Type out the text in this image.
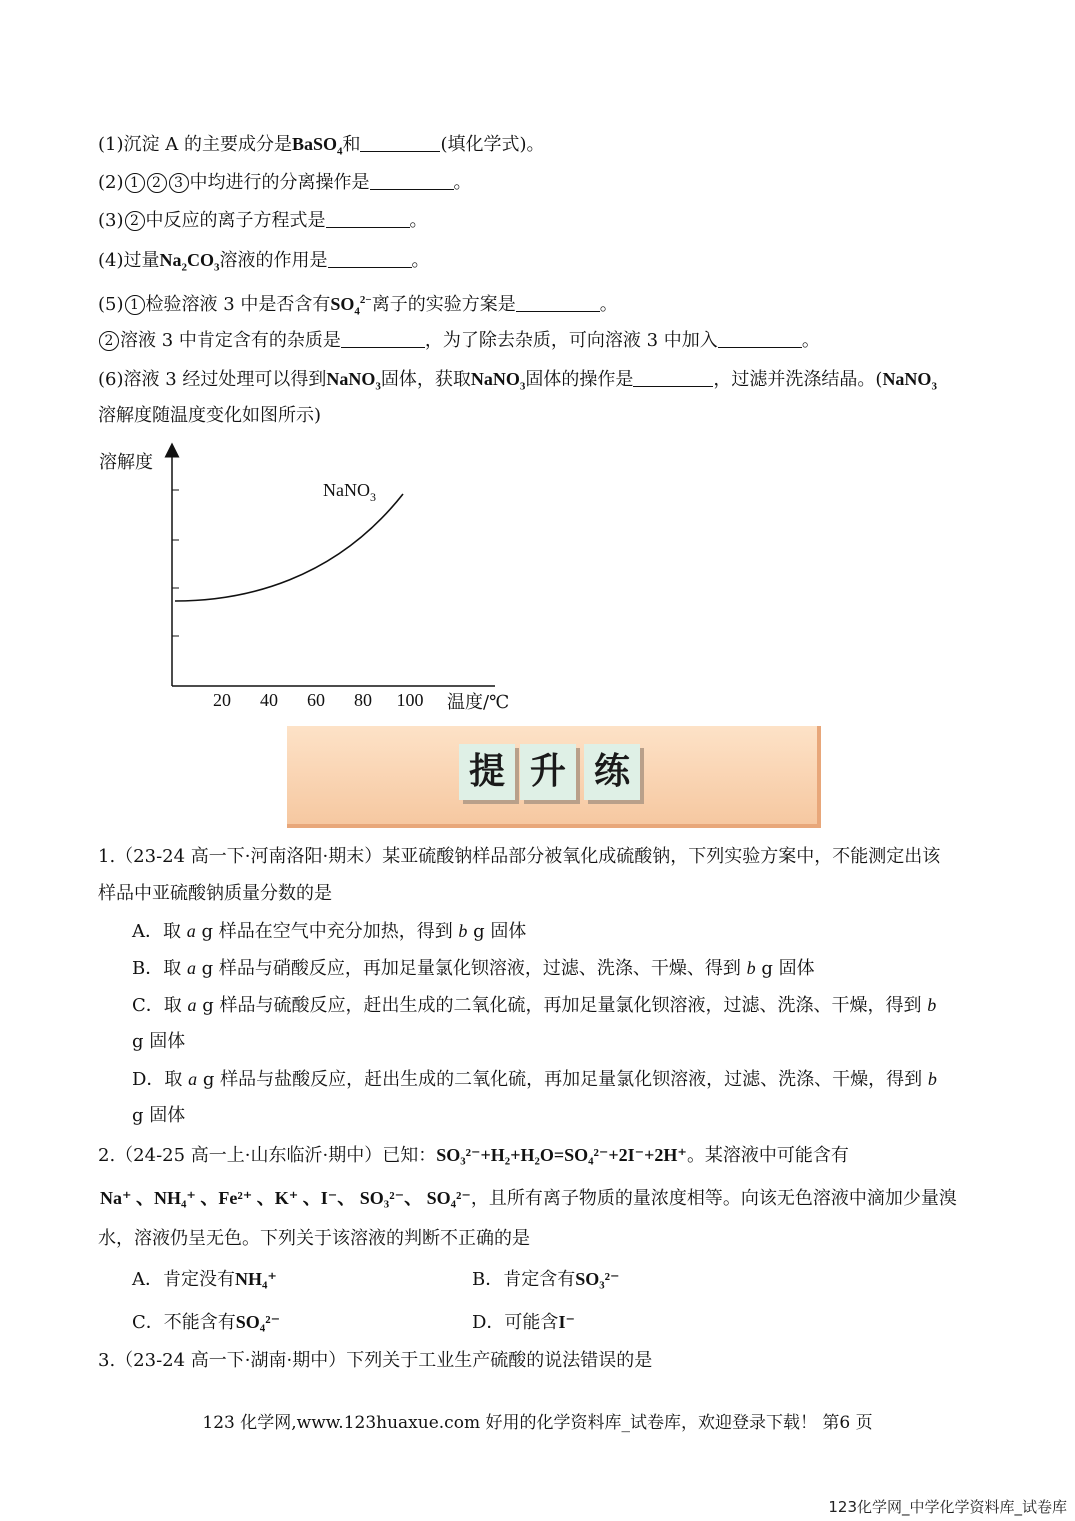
(1)沉淀 A 的主要成分是BaSO$_4$和	(填化学式)。
(2) 1 2 3 中均进行的分离操作是	。
(3) 2 中反应的离子方程式是	。
(4)过量$Na_2CO_3$溶液的作用是	。
(5) 1 检验溶液 3 中是否含有$SO_4^{2-}$离子的实验方案是	。
2 溶液 3 中肯定含有的杂质是	，为了除去杂质，可向溶液 3 中加入	。
(6)溶液 3 经过处理可以得到NaNO$_3$固体，获取NaNO$_3$固体的操作是	，过滤并洗涤结晶。(NaNO$_3$
溶解度随温度变化如图所示)
溶解度
20 40 60 80 100
NaNO$_3$
温度/℃
提 升 练
1.（23-24 高一下·河南洛阳·期末）某亚硫酸钠样品部分被氧化成硫酸钠，下列实验方案中，不能测定出该
样品中亚硫酸钠质量分数的是
A．取 a g 样品在空气中充分加热，得到 b g 固体
B．取 a g 样品与硝酸反应，再加足量氯化钡溶液，过滤、洗涤、干燥、得到 b g 固体
C．取 a g 样品与硫酸反应，赶出生成的二氧化硫，再加足量氯化钡溶液，过滤、洗涤、干燥，得到 b
g 固体
D．取 a g 样品与盐酸反应，赶出生成的二氧化硫，再加足量氯化钡溶液，过滤、洗涤、干燥，得到 b
g 固体
2.（24-25 高一上·山东临沂·期中）已知：SO₃²⁻+H₂+H₂O=SO₄²⁻+2I⁻+2H⁺。某溶液中可能含有
Na⁺ 、NH₄⁺ 、Fe²⁺ 、K⁺ 、I⁻、 SO₃²⁻、 SO₄²⁻，且所有离子物质的量浓度相等。向该无色溶液中滴加少量溴
水，溶液仍呈无色。下列关于该溶液的判断不正确的是
A．肯定没有NH₄⁺	B．肯定含有SO₃²⁻
C．不能含有SO₄²⁻	D．可能含I⁻
3.（23-24 高一下·湖南·期中）下列关于工业生产硫酸的说法错误的是
123 化学网,www.123huaxue.com 好用的化学资料库_试卷库，欢迎登录下载！ 第6 页
123化学网_中学化学资料库_试卷库
